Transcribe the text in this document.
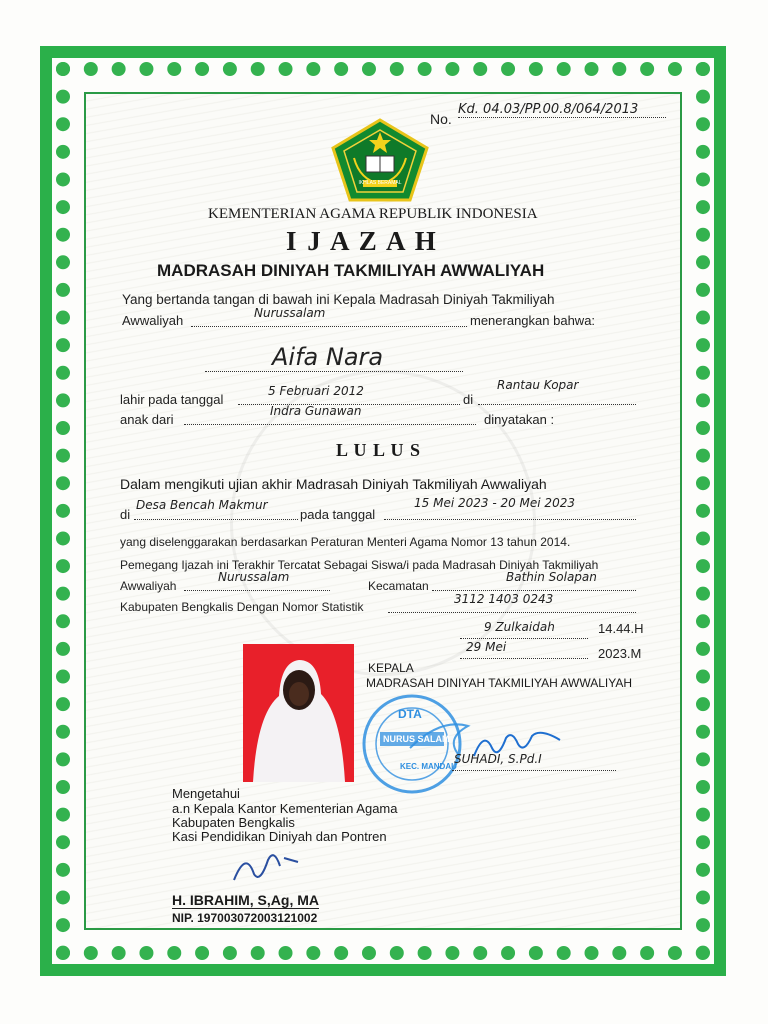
No.
Kd. 04.03/PP.00.8/064/2013
IKHLAS BERAMAL
KEMENTERIAN AGAMA REPUBLIK INDONESIA
I J A Z A H
MADRASAH DINIYAH TAKMILIYAH AWWALIYAH
Yang bertanda tangan di bawah ini Kepala Madrasah Diniyah Takmiliyah
Awwaliyah	Nurussalam	menerangkan bahwa:
Aifa Nara
lahir pada tanggal
5 Februari 2012
di
Rantau Kopar
anak dari
Indra Gunawan
dinyatakan :
L U L U S
Dalam mengikuti ujian akhir Madrasah Diniyah Takmiliyah Awwaliyah
di
Desa Bencah Makmur
pada tanggal
15 Mei 2023 - 20 Mei 2023
yang diselenggarakan berdasarkan Peraturan Menteri Agama Nomor 13 tahun 2014.
Pemegang Ijazah ini Terakhir Tercatat Sebagai Siswa/i pada Madrasah Diniyah Takmiliyah
Awwaliyah
Nurussalam
Kecamatan
Bathin Solapan
Kabupaten Bengkalis Dengan Nomor Statistik
3112 1403 0243
9 Zulkaidah	14.44.H
29 Mei	2023.M
KEPALA
MADRASAH DINIYAH TAKMILIYAH AWWALIYAH
DTA
NURUS SALAM
KEC. MANDAU
SUHADI, S.Pd.I
Mengetahui
a.n Kepala Kantor Kementerian Agama
Kabupaten Bengkalis
Kasi Pendidikan Diniyah dan Pontren
H. IBRAHIM, S,Ag, MA
NIP. 197003072003121002
